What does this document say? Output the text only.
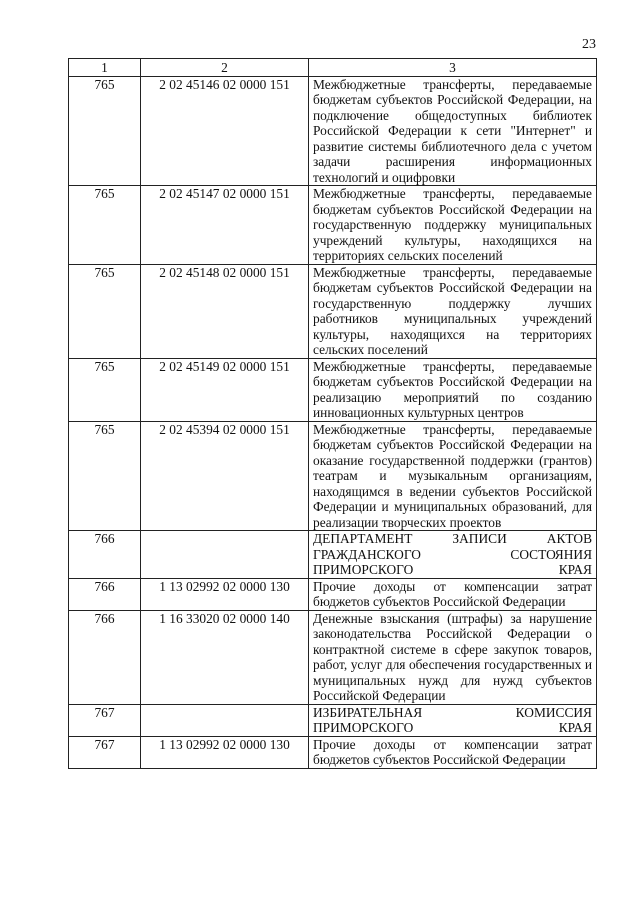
23
1	2	3
765	2 02 45146 02 0000 151	Межбюджетные трансферты, передаваемые бюджетам субъектов Российской Федерации, на подключение общедоступных библиотек Российской Федерации к сети "Интернет" и развитие системы библиотечного дела с учетом задачи расширения информационных технологий и оцифровки
765	2 02 45147 02 0000 151	Межбюджетные трансферты, передаваемые бюджетам субъектов Российской Федерации на государственную поддержку муниципальных учреждений культуры, находящихся на территориях сельских поселений
765	2 02 45148 02 0000 151	Межбюджетные трансферты, передаваемые бюджетам субъектов Российской Федерации на государственную поддержку лучших работников муниципальных учреждений культуры, находящихся на территориях сельских поселений
765	2 02 45149 02 0000 151	Межбюджетные трансферты, передаваемые бюджетам субъектов Российской Федерации на реализацию мероприятий по созданию инновационных культурных центров
765	2 02 45394 02 0000 151	Межбюджетные трансферты, передаваемые бюджетам субъектов Российской Федерации на оказание государственной поддержки (грантов) театрам и музыкальным организациям, находящимся в ведении субъектов Российской Федерации и муниципальных образований, для реализации творческих проектов
766		ДЕПАРТАМЕНТ ЗАПИСИ АКТОВ ГРАЖДАНСКОГО СОСТОЯНИЯ ПРИМОРСКОГО КРАЯ
766	1 13 02992 02 0000 130	Прочие доходы от компенсации затрат бюджетов субъектов Российской Федерации
766	1 16 33020 02 0000 140	Денежные взыскания (штрафы) за нарушение законодательства Российской Федерации о контрактной системе в сфере закупок товаров, работ, услуг для обеспечения государственных и муниципальных нужд для нужд субъектов Российской Федерации
767		ИЗБИРАТЕЛЬНАЯ КОМИССИЯ ПРИМОРСКОГО КРАЯ
767	1 13 02992 02 0000 130	Прочие доходы от компенсации затрат бюджетов субъектов Российской Федерации
